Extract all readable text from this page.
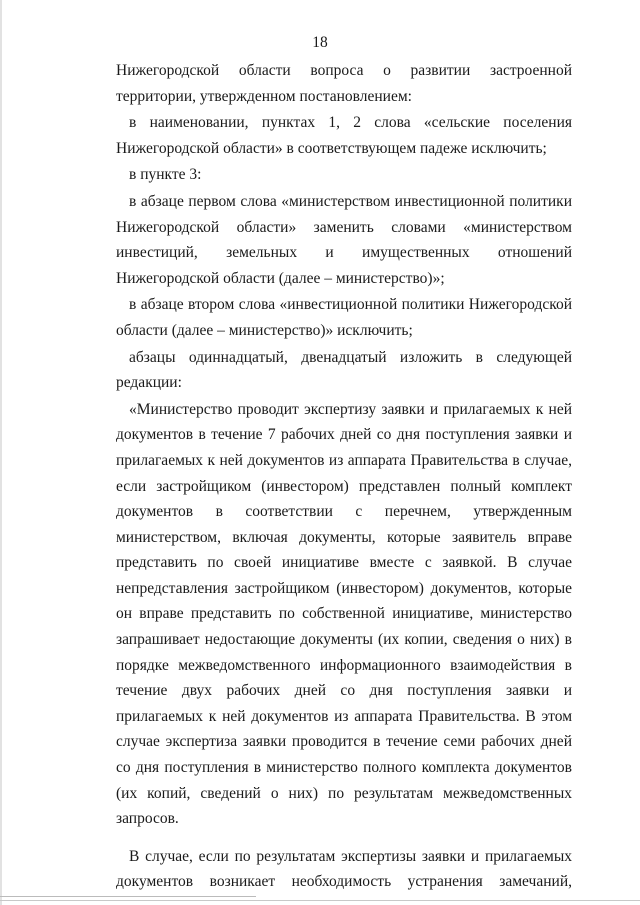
18

Нижегородской области вопроса о развитии застроенной территории, утвержденном постановлением:

в наименовании, пунктах 1, 2 слова «сельские поселения Нижегородской области» в соответствующем падеже исключить;

в пункте 3:

в абзаце первом слова «министерством инвестиционной политики Нижегородской области» заменить словами «министерством инвестиций, земельных и имущественных отношений Нижегородской области (далее – министерство)»;

в абзаце втором слова «инвестиционной политики Нижегородской области (далее – министерство)» исключить;

абзацы одиннадцатый, двенадцатый изложить в следующей редакции:

«Министерство проводит экспертизу заявки и прилагаемых к ней документов в течение 7 рабочих дней со дня поступления заявки и прилагаемых к ней документов из аппарата Правительства в случае, если застройщиком (инвестором) представлен полный комплект документов в соответствии с перечнем, утвержденным министерством, включая документы, которые заявитель вправе представить по своей инициативе вместе с заявкой. В случае непредставления застройщиком (инвестором) документов, которые он вправе представить по собственной инициативе, министерство запрашивает недостающие документы (их копии, сведения о них) в порядке межведомственного информационного взаимодействия в течение двух рабочих дней со дня поступления заявки и прилагаемых к ней документов из аппарата Правительства. В этом случае экспертиза заявки проводится в течение семи рабочих дней со дня поступления в министерство полного комплекта документов (их копий, сведений о них) по результатам межведомственных запросов.

В случае, если по результатам экспертизы заявки и прилагаемых документов возникает необходимость устранения замечаний,
